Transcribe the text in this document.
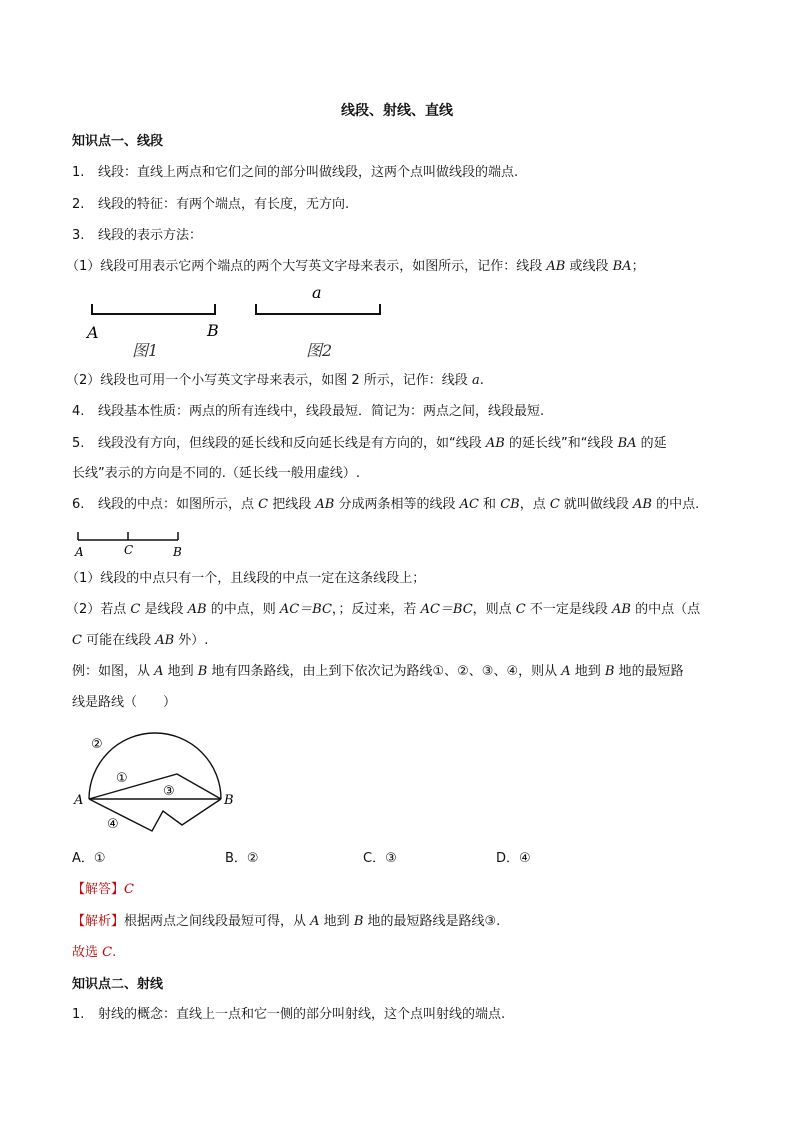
线段、射线、直线
知识点一、线段
1. 线段：直线上两点和它们之间的部分叫做线段，这两个点叫做线段的端点.
2. 线段的特征：有两个端点，有长度，无方向.
3. 线段的表示方法：
（1）线段可用表示它两个端点的两个大写英文字母来表示，如图所示，记作：线段 AB 或线段 BA；
A	B
图1
a
图2
（2）线段也可用一个小写英文字母来表示，如图 2 所示，记作：线段 a.
4. 线段基本性质：两点的所有连线中，线段最短．简记为：两点之间，线段最短.
5. 线段没有方向，但线段的延长线和反向延长线是有方向的，如“线段 AB 的延长线”和“线段 BA 的延
长线”表示的方向是不同的.（延长线一般用虚线）.
6. 线段的中点：如图所示，点 C 把线段 AB 分成两条相等的线段 AC 和 CB，点 C 就叫做线段 AB 的中点.
A	C	B
（1）线段的中点只有一个，且线段的中点一定在这条线段上；
（2）若点 C 是线段 AB 的中点，则 AC＝BC，；反过来，若 AC＝BC，则点 C 不一定是线段 AB 的中点（点
C 可能在线段 AB 外）.
例：如图，从 A 地到 B 地有四条路线，由上到下依次记为路线①、②、③、④，则从 A 地到 B 地的最短路
线是路线（　　）
A	B
②
①
③
④
A．①	B．②	C．③	D．④
【解答】C
【解析】根据两点之间线段最短可得，从 A 地到 B 地的最短路线是路线③.
故选 C.
知识点二、射线
1. 射线的概念：直线上一点和它一侧的部分叫射线，这个点叫射线的端点.
